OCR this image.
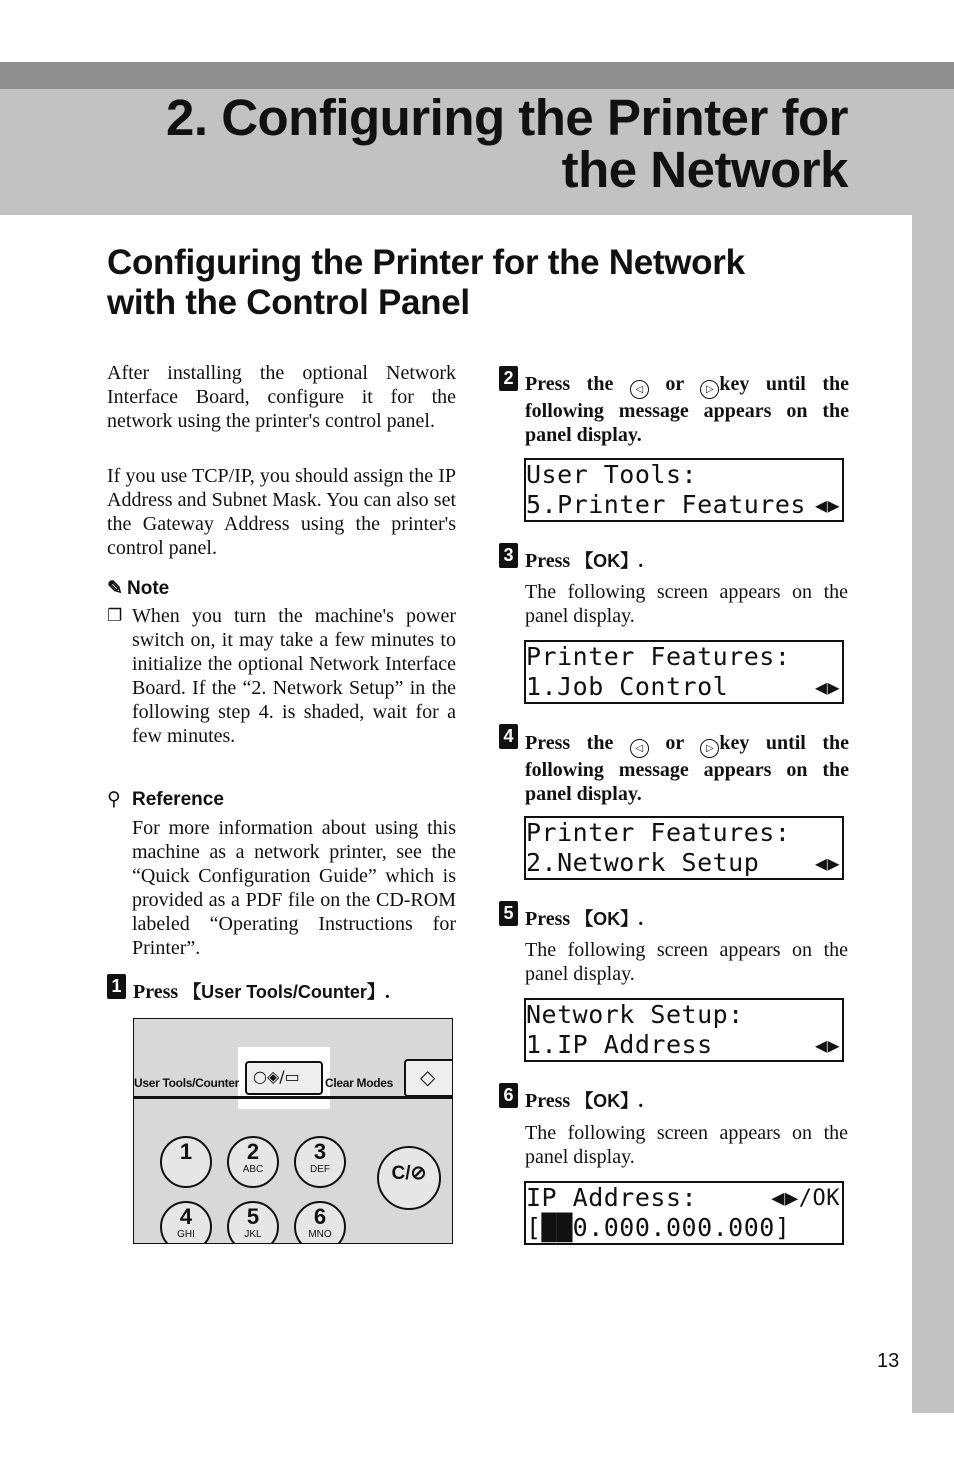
2. Configuring the Printer for
the Network
Configuring the Printer for the Network
with the Control Panel

After installing the optional Network Interface Board, configure it for the network using the printer's control panel.

If you use TCP/IP, you should assign the IP Address and Subnet Mask. You can also set the Gateway Address using the printer's control panel.

✎ Note
❐ When you turn the machine's power switch on, it may take a few minutes to initialize the optional Network Interface Board. If the “2. Network Setup” in the following step 4. is shaded, wait for a few minutes.

⚲ Reference

For more information about using this machine as a network printer, see the “Quick Configuration Guide” which is provided as a PDF file on the CD-ROM labeled “Operating Instructions for Printer”.

1 Press 【User Tools/Counter】.
User Tools/Counter ○◈/▭ Clear Modes ◇
1	2
ABC
3
DEF
4
GHI
5
JKL
6
MNO
C/⊘
2 Press the ◁ or ▷ key until the following message appears on the panel display.

User Tools:

5.Printer Features

◀▶

3 Press 【OK】.

The following screen appears on the panel display.

Printer Features:

1.Job Control

	◀▶

4 Press the ◁ or ▷ key until the following message appears on the panel display.

Printer Features:

2.Network Setup

	◀▶

5 Press 【OK】.

The following screen appears on the panel display.

Network Setup:

1.IP Address

	◀▶

6 Press 【OK】.

The following screen appears on the panel display.

IP Address:

	◀▶/OK

[██0.000.000.000]

13
